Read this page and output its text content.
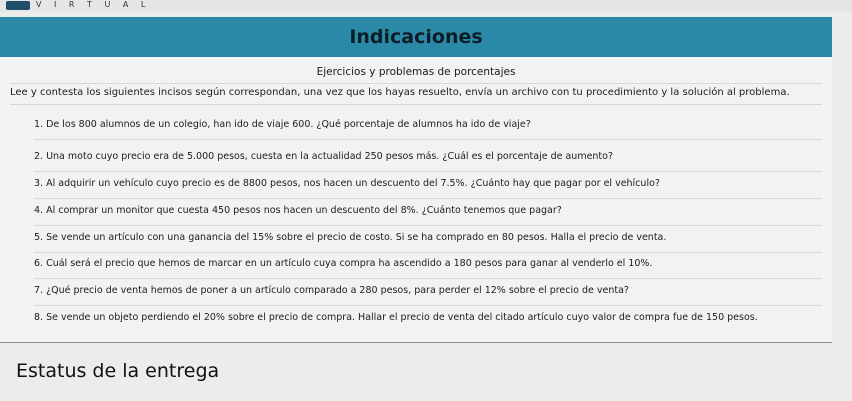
V I R T U A L
Indicaciones
Ejercicios y problemas de porcentajes
Lee y contesta los siguientes incisos según correspondan, una vez que los hayas resuelto, envía un archivo con tu procedimiento y la solución al problema.
1. De los 800 alumnos de un colegio, han ido de viaje 600. ¿Qué porcentaje de alumnos ha ido de viaje?
2. Una moto cuyo precio era de 5.000 pesos, cuesta en la actualidad 250 pesos más. ¿Cuál es el porcentaje de aumento?
3. Al adquirir un vehículo cuyo precio es de 8800 pesos, nos hacen un descuento del 7.5%. ¿Cuánto hay que pagar por el vehículo?
4. Al comprar un monitor que cuesta 450 pesos nos hacen un descuento del 8%. ¿Cuánto tenemos que pagar?
5. Se vende un artículo con una ganancia del 15% sobre el precio de costo. Si se ha comprado en 80 pesos. Halla el precio de venta.
6. Cuál será el precio que hemos de marcar en un artículo cuya compra ha ascendido a 180 pesos para ganar al venderlo el 10%.
7. ¿Qué precio de venta hemos de poner a un artículo comparado a 280 pesos, para perder el 12% sobre el precio de venta?
8. Se vende un objeto perdiendo el 20% sobre el precio de compra. Hallar el precio de venta del citado artículo cuyo valor de compra fue de 150 pesos.
Estatus de la entrega
